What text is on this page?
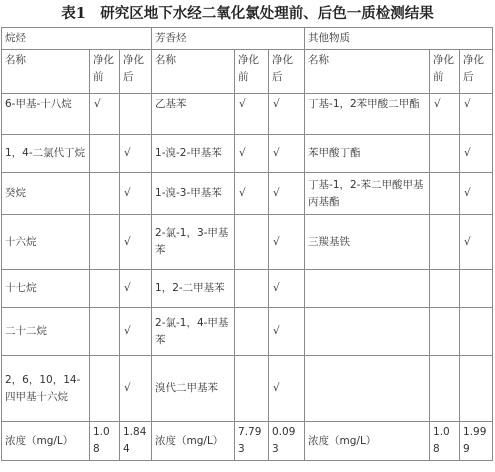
表1　研究区地下水经二氧化氯处理前、后色一质检测结果
烷烃			芳香烃			其他物质		
名称	净化前	净化后	名称	净化前	净化后	名称	净化前	净化后
6-甲基-十八烷	√		乙基苯	√	√	丁基-1，2苯甲酸二甲酯	√	√
1，4-二氯代丁烷		√	1-溴-2-甲基苯	√	√	苯甲酸丁酯		√
癸烷		√	1-溴-3-甲基苯	√	√	丁基-1，2-苯二甲酸甲基丙基酯		√
十六烷		√	2-氯-1，3-甲基苯		√	三羰基铁		√
十七烷		√	1，2-二甲基苯		√			
二十二烷		√	2-氯-1，4-甲基苯		√			
2，6，10，14-四甲基十六烷		√	溴代二甲基苯		√			
浓度（mg/L）	1.08	1.844	浓度（mg/L）	7.793	0.093	浓度（mg/L）	1.08	1.999
